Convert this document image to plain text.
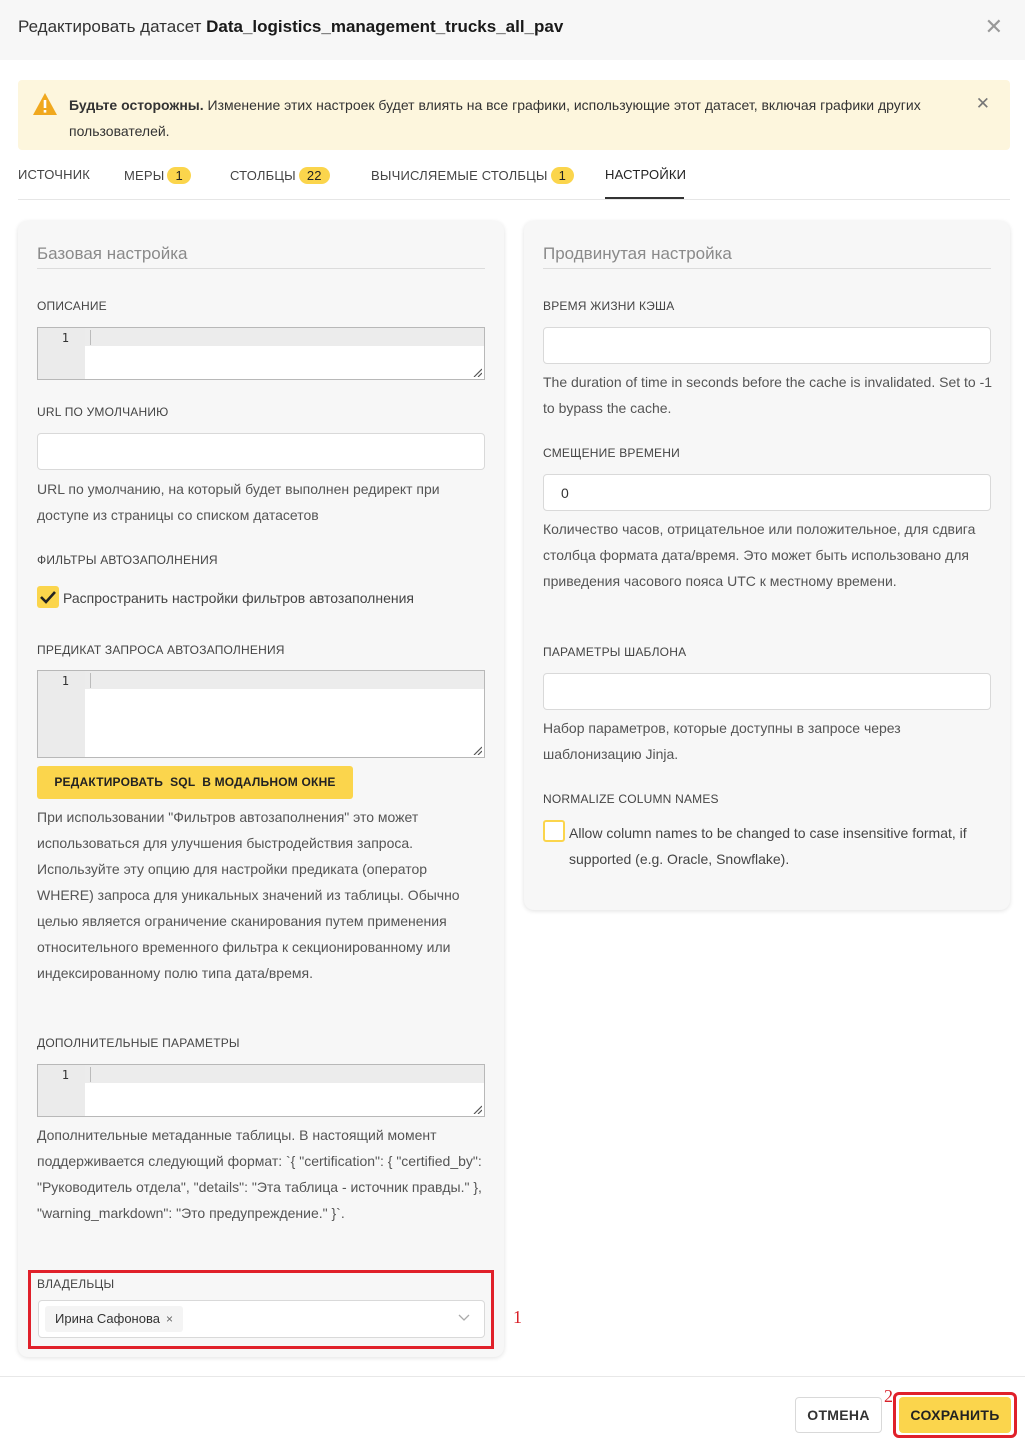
Редактировать датасет Data_logistics_management_trucks_all_pav	✕
Будьте осторожны. Изменение этих настроек будет влиять на все графики, использующие этот датасет, включая графики других пользователей.
✕
ИСТОЧНИК	МЕРЫ 1	СТОЛБЦЫ 22	ВЫЧИСЛЯЕМЫЕ СТОЛБЦЫ 1	НАСТРОЙКИ
Базовая настройка
ОПИСАНИЕ
1
URL ПО УМОЛЧАНИЮ
URL по умолчанию, на который будет выполнен редирект при доступе из страницы со списком датасетов
ФИЛЬТРЫ АВТОЗАПОЛНЕНИЯ
Распространить настройки фильтров автозаполнения
ПРЕДИКАТ ЗАПРОСА АВТОЗАПОЛНЕНИЯ
1
РЕДАКТИРОВАТЬ  SQL  В МОДАЛЬНОМ ОКНЕ
При использовании "Фильтров автозаполнения" это может использоваться для улучшения быстродействия запроса. Используйте эту опцию для настройки предиката (оператор WHERE) запроса для уникальных значений из таблицы. Обычно целью является ограничение сканирования путем применения относительного временного фильтра к секционированному или индексированному полю типа дата/время.
ДОПОЛНИТЕЛЬНЫЕ ПАРАМЕТРЫ
1
Дополнительные метаданные таблицы. В настоящий момент поддерживается следующий формат: `{ "certification": { "certified_by": "Руководитель отдела", "details": "Эта таблица - источник правды." }, "warning_markdown": "Это предупреждение." }`.
ВЛАДЕЛЬЦЫ
Ирина Сафонова ×
Продвинутая настройка
ВРЕМЯ ЖИЗНИ КЭША
The duration of time in seconds before the cache is invalidated. Set to -1 to bypass the cache.
СМЕЩЕНИЕ ВРЕМЕНИ
0
Количество часов, отрицательное или положительное, для сдвига столбца формата дата/время. Это может быть использовано для приведения часового пояса UTC к местному времени.
ПАРАМЕТРЫ ШАБЛОНА
Набор параметров, которые доступны в запросе через шаблонизацию Jinja.
NORMALIZE COLUMN NAMES
Allow column names to be changed to case insensitive format, if supported (e.g. Oracle, Snowflake).
1
2
ОТМЕНА	СОХРАНИТЬ
